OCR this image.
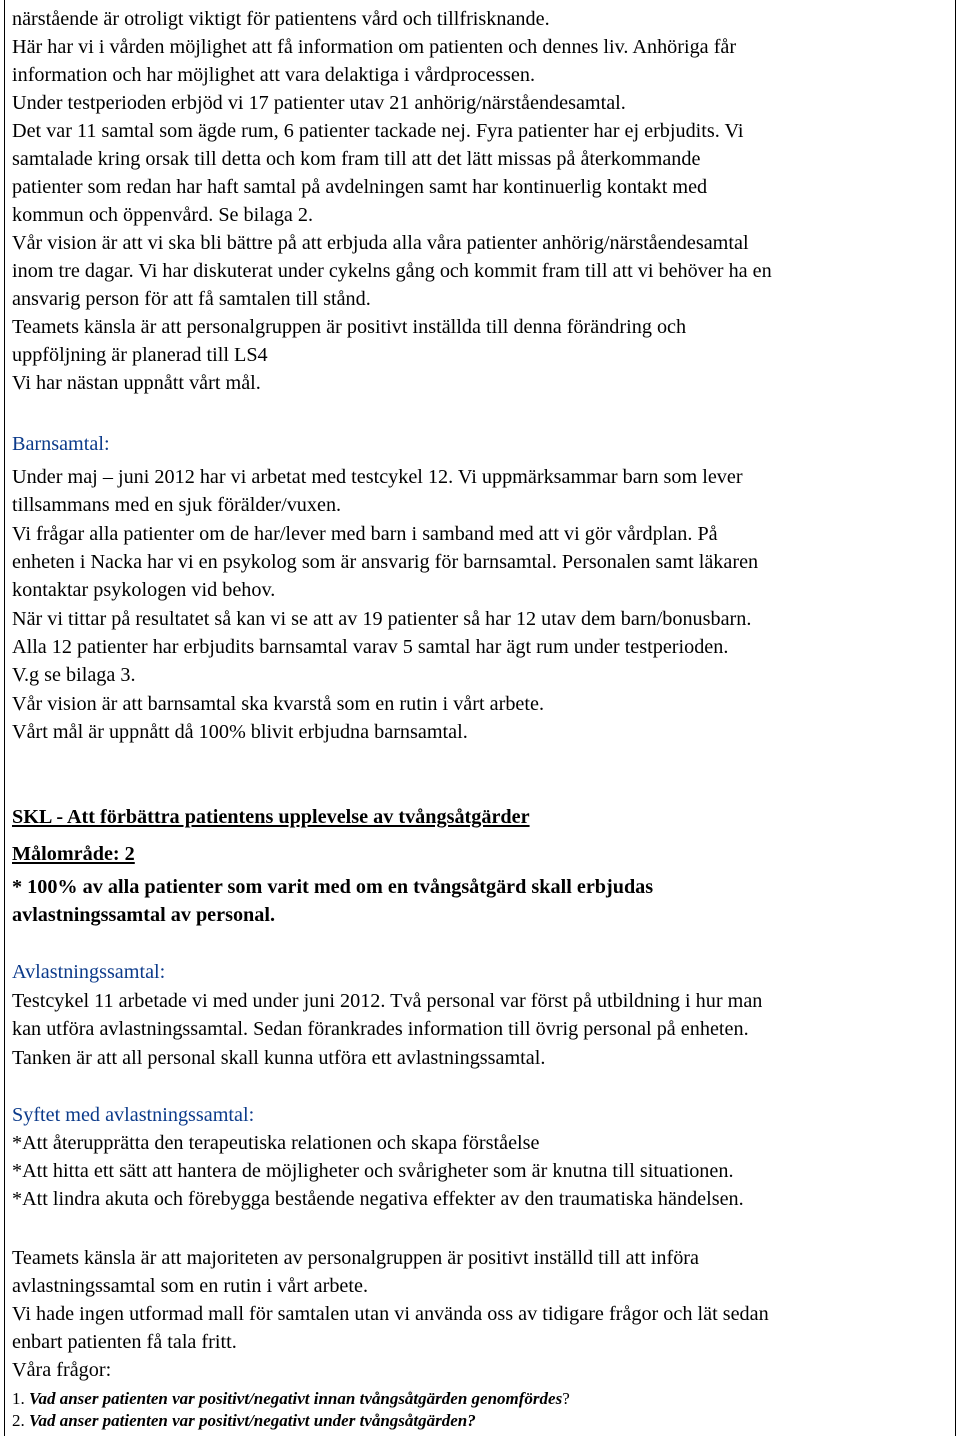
närstående är otroligt viktigt för patientens vård och tillfrisknande.
Här har vi i vården möjlighet att få information om patienten och dennes liv. Anhöriga får
information och har möjlighet att vara delaktiga i vårdprocessen.
Under testperioden erbjöd vi 17 patienter utav 21 anhörig/närståendesamtal.
Det var 11 samtal som ägde rum, 6 patienter tackade nej. Fyra patienter har ej erbjudits. Vi
samtalade kring orsak till detta och kom fram till att det lätt missas på återkommande
patienter som redan har haft samtal på avdelningen samt har kontinuerlig kontakt med
kommun och öppenvård. Se bilaga 2.
Vår vision är att vi ska bli bättre på att erbjuda alla våra patienter anhörig/närståendesamtal
inom tre dagar. Vi har diskuterat under cykelns gång och kommit fram till att vi behöver ha en
ansvarig person för att få samtalen till stånd.
Teamets känsla är att personalgruppen är positivt inställda till denna förändring och
uppföljning är planerad till LS4
Vi har nästan uppnått vårt mål.
Barnsamtal:
Under maj – juni 2012 har vi arbetat med testcykel 12. Vi uppmärksammar barn som lever
tillsammans med en sjuk förälder/vuxen.
Vi frågar alla patienter om de har/lever med barn i samband med att vi gör vårdplan. På
enheten i Nacka har vi en psykolog som är ansvarig för barnsamtal. Personalen samt läkaren
kontaktar psykologen vid behov.
När vi tittar på resultatet så kan vi se att av 19 patienter så har 12 utav dem barn/bonusbarn.
Alla 12 patienter har erbjudits barnsamtal varav 5 samtal har ägt rum under testperioden.
V.g se bilaga 3.
Vår vision är att barnsamtal ska kvarstå som en rutin i vårt arbete.
Vårt mål är uppnått då 100% blivit erbjudna barnsamtal.
SKL - Att förbättra patientens upplevelse av tvångsåtgärder
Målområde: 2
* 100% av alla patienter som varit med om en tvångsåtgärd skall erbjudas
avlastningssamtal av personal.
Avlastningssamtal:
Testcykel 11 arbetade vi med under juni 2012. Två personal var först på utbildning i hur man
kan utföra avlastningssamtal. Sedan förankrades information till övrig personal på enheten.
Tanken är att all personal skall kunna utföra ett avlastningssamtal.
Syftet med avlastningssamtal:
*Att återupprätta den terapeutiska relationen och skapa förståelse
*Att hitta ett sätt att hantera de möjligheter och svårigheter som är knutna till situationen.
*Att lindra akuta och förebygga bestående negativa effekter av den traumatiska händelsen.
Teamets känsla är att majoriteten av personalgruppen är positivt inställd till att införa
avlastningssamtal som en rutin i vårt arbete.
Vi hade ingen utformad mall för samtalen utan vi använda oss av tidigare frågor och lät sedan
enbart patienten få tala fritt.
Våra frågor:
1. Vad anser patienten var positivt/negativt innan tvångsåtgärden genomfördes?
2. Vad anser patienten var positivt/negativt under tvångsåtgärden?
